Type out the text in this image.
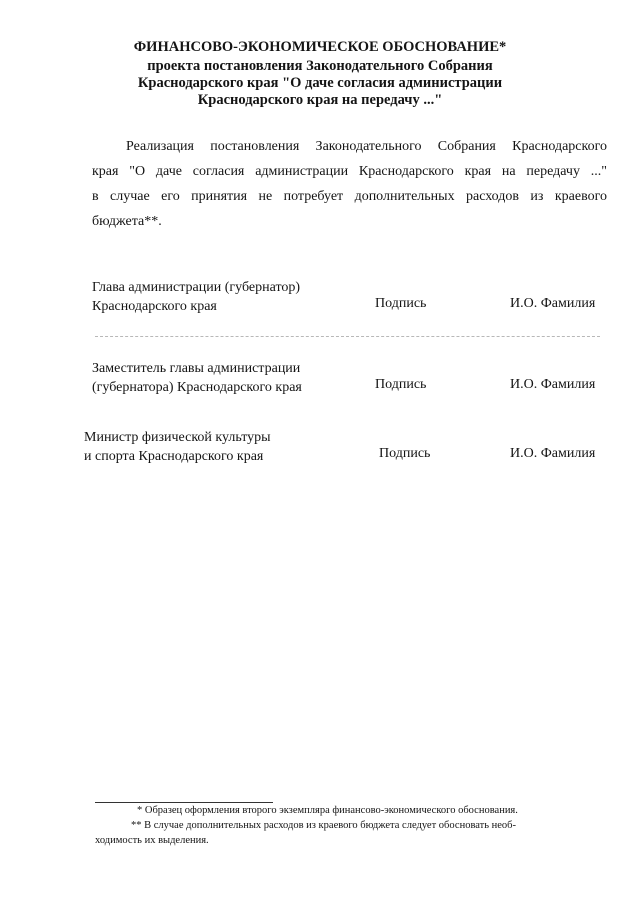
ФИНАНСОВО-ЭКОНОМИЧЕСКОЕ ОБОСНОВАНИЕ*
проекта постановления Законодательного Собрания
Краснодарского края "О даче согласия администрации
Краснодарского края на передачу ..."
Реализация постановления Законодательного Собрания Краснодарского
края "О даче согласия администрации Краснодарского края на передачу ..."
в случае его принятия не потребует дополнительных расходов из краевого
бюджета**.
Глава администрации (губернатор)
Краснодарского края	Подпись	И.О. Фамилия
Заместитель главы администрации
(губернатора) Краснодарского края	Подпись	И.О. Фамилия
Министр физической культуры
и спорта Краснодарского края	Подпись	И.О. Фамилия
* Образец оформления второго экземпляра финансово-экономического обоснования.
** В случае дополнительных расходов из краевого бюджета следует обосновать необ-
ходимость их выделения.
